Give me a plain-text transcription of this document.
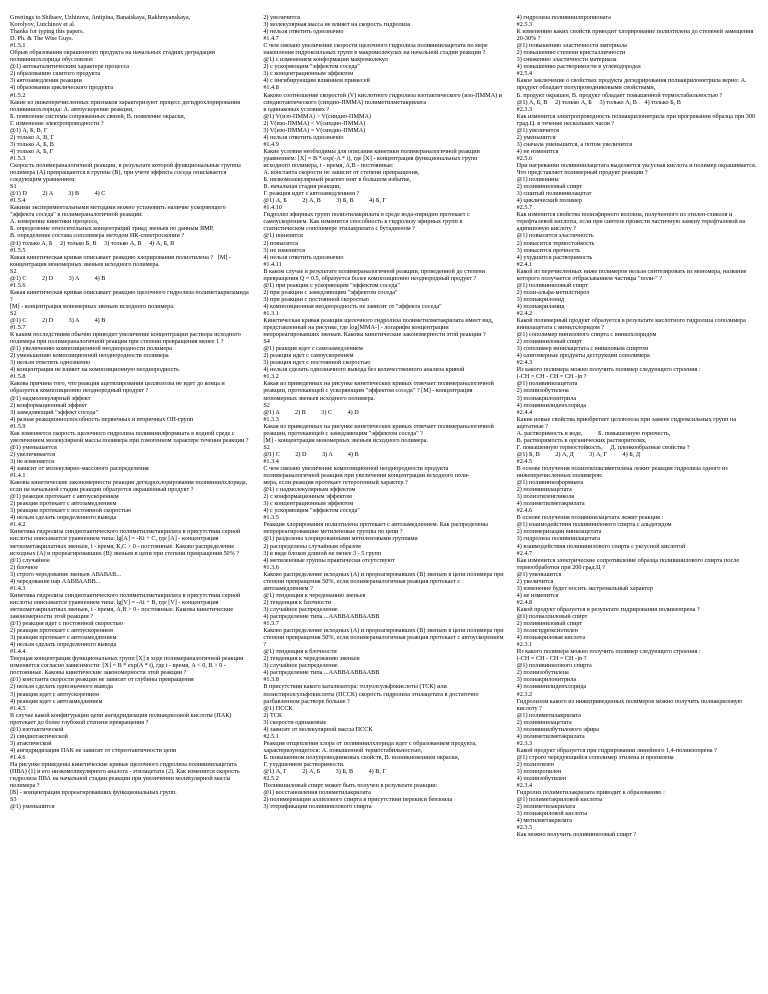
Greetings to Shibaev, Uzhinova, Antipina, Banatskaya, Rakhmyanskaya,
Korolyov, Lutchinov et al.
Thanks for typing this papers.
D. Ph. & The Wise Guys.
#1.5.1
Обрыв образования окрашенного продукта на начальных стадиях деградации поливинилхлорида обусловлен:
@1) автокаталитическим характере процесса
2) образованию сшитого продукта
3) автозамедлении реакции
4) образовании циклического продукта
#1.5.2
Какие из нижеперечисленных признаков характеризуют процесс дегидрохлорирования поливинилхлорида: А. автоускорение реакции,
Б. появление системы сопряженных связей, В. появление окраски,
Г. изменение электропроводности ?
@1) А, Б, В, Г
2) только А, В, Г
3) только А, Б, В
4) только А, Б, Г
#1.5.3
Скорость полимераналогичной реакции, в результате которой функциональные группы полимера (А) превращаются в группы (В), при учете эффекта соседа описывается следующим уравнением:
S1
@1) D          2) A          3) B          4) C
#1.5.4
Какими экспериментальными методами можно установить наличие ускоряющего "эффекта соседа" в полимераналогичной реакции:
А. измерение кинетики процесса,
Б. определение относительных концентраций триад звеньев по данным ЯМР,
В. определение состава сополимера методом ИК-спектроскопии ?
@1) только А, Б     2) только Б, В     3) только А, В     4) А, Б, В
#1.5.5
Какая кинетическая кривая описывает реакцию хлорирования полиэтилена ?   [M] - концентрация мономерных звеньев исходного полимера.
S2
@1) C          2) D          3) A          4) B
#1.5.6
Какая кинетическая кривая описывает реакцию щелочного гидролиза полиметакриламида ?
[M] - концентрация мономерных звеньев исходного полимера.
S2
@1) C          2) D          3) A          4) B
#1.5.7
К каким последствиям обычно приводит увеличение концентрации раствора исходного полимера при полимераналогичной реакции при степени превращения менее 1 ?
@1) увеличению композиционной неоднородности полимера
2) уменьшению композиционной неоднородности полимера
3) нельзя ответить однозначно
4) концентрация не влияет на композиционную неоднородность
#1.5.8
Какова причина того, что реакция ацетилирования целлюлозы не идет до конца и образуется композиционно неоднородный продукт ?
@1) надмолекулярный эффект
2) конформационный эффект
3) замедляющий "эффект соседа"
4) разная реакционноспособность первичных и вторичных ОН-групп
#1.5.9
Как изменяется скорость щелочного гидролиза поливинилформиата в водной среде с увеличением молекулярной массы полимера при гомогенном характере течения реакции ?
@1) уменьшается
2) увеличивается
3) не изменяется
4) зависит от молекулярно-массового распределения
#1.4.1
Каковы кинетические закономерности реакции дегидрохлорирования поливинилхлорида, если на начальной стадии реакции образуется окрашенный продукт ?
@1) реакция протекает с автоускорением
2) реакция протекает с автозамедлением
3) реакция протекает с постоянной скоростью
4) нельзя сделать определенного вывода
#1.4.2
Кинетика гидролиза синдиотактического полиметилметакрилата в присутствии серной кислоты описывается уравнением типа: lg[A] = -Kt + C, где [A] - концентрация метилметакрилатных звеньев, t - время, К,С > 0 - постоянные. Каково распределение исходных (А) и прореагировавших (В) звеньев в цепи при степени превращения 50% ?
@1) случайное
2) блочное
3) строго чередование звеньев АВАВАВ...
4) чередование пар ААВВААВВ...
#1.4.3
Кинетика гидролиза синдиотактического полиметилметакрилата в присутствии серной кислоты описывается уравнением типа: lg[V] = -At + B, где [V] - концентрация метилметакрилатных звеньев, t - время, А,В > 0 - постоянные. Каковы кинетические закономерности этой реакции ?
@1) реакция идет с постоянной скоростью
2) реакция протекает с автоускорением
3) реакция протекает с автозамедлением
4) нельзя сделать определенного вывода
#1.4.4
Текущая концентрация функциональных групп [X] в ходе полимераналогичной реакции изменяется согласно зависимости: [X] = B * exp(A * t), где t - время, А < 0, В > 0 - постоянные. Каковы кинетические закономерности этой реакции ?
@1) константа скорости реакции не зависит от глубины превращения
2) нельзя сделать однозначного вывода
3) реакция идет с автоускорением
4) реакция идет с автозамедлением
#1.4.5
В случае какой конфигурации цепи ангидридизация полиакриловой кислоты (ПАК) протекает до более глубокой степени превращения ?
@1) изотактической
2) синдиотактической
3) атактической
4) ангидридизация ПАК не зависит от стереотактичности цепи
#1.4.6
На рисунке приведены кинетические кривые щелочного гидролиза поливинилацетата (ПВА) (1) и его низкомолекулярного аналога - этилацетата (2). Как изменится скорость гидролиза ПВА на начальной стадии реакции при увеличении молекулярной массы полимера ?
[В] - концентрация прореагировавших функциональных групп.
S3
@1) уменьшится
2) увеличится
3) молекулярная масса не влияет на скорость гидролиза
4) нельзя ответить однозначно
#1.4.7
С чем связано увеличение скорости щелочного гидролиза поливинилацетата по мере накопления гидроксильных групп в макромолекулах на начальной стадии реакции ?
@1) с изменением конформации макромолекул
2) с ускоряющим "эффектом соседа"
3) с концентрационным эффектом
4) с ингибирующим влиянием примесей
#1.4.8
Каково соотношение скоростей (V) кислотного гидролиза изотактического (изо-ПММА) и синдиотактического (синдио-ПММА) полиметилметакрилата
в одинаковых условиях ?
@1) V(изо-ПММА) > V(синдио-ПММА)
2) V(изо-ПММА) < V(синдио-ПММА)
3) V(изо-ПММА) = V(синдио-ПММА)
4) нельзя ответить однозначно
#1.4.9
Какие условия необходимы для описания кинетики полимераналогичной реакции уравнением: [X] = B * exp(-A * t), где [X] - концентрация функциональных групп исходного полимера, t - время, А,В - постоянные:
А. константа скорости не зависит от степени превращения,
Б. низкомолекулярный реагент взят в большом избытке,
В. начальная стадия реакции,
Г. реакция идет с автозамедлением ?
@1) А, Б          2) А, В          3) Б, В          4) Б, Г
#1.4.10
Гидролиз эфирных групп полиэтилакрилата в среде вода-пиридин протекает с самоускорением. Как изменится способность к гидролизу эфирных групп в статистическом сополимере этилакрилата с бутадиеном ?
@1) понизится
2) повысится
3) не изменится
4) нельзя ответить однозначно
#1.4.11
В каком случае в результате полимераналогичной реакции, проведенной до степени превращения Q = 0.5, образуется более композиционно неоднородный продукт ?
@1) при реакции с ускоряющим "эффектом соседа"
2) при реакции с замедляющим "эффектом соседа"
3) при реакции с постоянной скоростью
4) композиционная неоднородность не зависит от "эффекта соседа"
#1.3.1
Кинетическая кривая реакции щелочного гидролиза полиметилметакрилата имеет вид, представленный на рисунке, где log[ММА-] - логарифм концентрации непрореагировавших звеньев. Каковы кинетические закономерности этой реакции ?
S4
@1) реакция идет с самозамедлением
2) реакция идет с самоускорением
3) реакция идет с постоянной скоростью
4) нельзя сделать однозначного вывода без количественного анализа кривой
#1.3.2
Какая из приведенных на рисунке кинетических кривых отвечает полимераналогичной реакции, протекающей с ускоряющим "эффектом соседа" ? [M] - концентрация мономерных звеньев исходного полимера.
S2
@1) A          2) B          3) C          4) D
#1.3.3
Какая из приведенных на рисунке кинетических кривых отвечает полимераналогичной реакции, протекающей с замедляющим "эффектом соседа" ?
[M] - концентрация мономерных звеньев исходного полимера.
S2
@1) C          2) D          3) A          4) B
#1.3.4
С чем связано увеличение композиционной неоднородности продукта полимераналогичной реакции при увеличении концентрации исходного поли-
мера, если реакция протекает гетерогенный характер ?
@1) с надмолекулярным эффектом
2) с конформационным эффектом
3) с концентрационным эффектом
4) с ускоряющим "эффектом соседа"
#1.3.5
Реакция хлорирования полиэтилена протекает с автозамедлением. Как распределены непрореагировавшие метиленовые группы по цепи ?
@1) разделены хлорированными метиленовыми группами
2) распределены случайным образом
3) в виде блоков длиной не менее 3 - 5 групп
4) метиленовые группы практически отсутствуют
#1.3.6
Каково распределение исходных (А) и прореагировавших (В) звеньев в цепи полимера при степени превращения 50%, если полимераналогичная реакция протекает с автозамедлением ?
@1) тенденция к чередованию звеньев
2) тенденция к блочности
3) случайное распределение
4) распределение типа ...ААВВААВВААВВ
#1.3.7
Каково распределение исходных (А) и прореагировавших (В) звеньев в цепи полимера при степени превращения 50%, если полимераналогичная реакция протекает с автоускорением ?
@1) тенденция к блочности
2) тенденция к чередованию звеньев
3) случайное распределение
4) распределение типа ...ААВВААВВААВВ
#1.3.8
В присутствии какого катализатора: толуолсульфокислоты (ТСК) или полистиролсульфокислоты (ПССК) скорость гидролиза этилацетата в достаточно разбавленном растворе больше ?
@1) ПССК
2) ТСК
3) скорости одинаковые
4) зависит от молекулярной массы ПССК
#2.5.1
Реакция отщепления хлора от поливинилхлорида идет с образованием продукта, характеризующегося: А. повышенной термостабильностью,
Б. повышенном полупроводниковых свойств, В. возникновением окраски,
Г. ухудшением растворимости.
@1) А, Г          2) А, Б          3) Б, В          4) В, Г
#2.5.2
Поливиниловый спирт может быть получен в результате реакции:
@1) восстановления полиметилакрилата
2) полимеризации аллилового спирта в присутствии перекиси бензоила
3) этерификации поливинилового спирта
4) гидролиза поливинилпропионата
#2.5.3
К изменению каких свойств приводит хлорирование полиэтилена до степеней замещения 20-30% ?
@1) повышению эластичности материала
2) повышению степени кристалличности
3) снижению эластичности материала
4) повышению растворимости в углеводородах
#2.5.4
Какое заключение о свойствах продукта дегидрирования полиакрилонитрила верно: А. продукт обладает полупроводниковыми свойствами,
Б. продукт окрашен, В. продукт обладает повышенной термостабильностью ?
@1) А, Б, В     2) только А, Б     3) только А, В     4) только Б, В
#2.3.3
Как изменится электропроводность полиакрилонитрила при прогревании образца при 300 град.Ц. в течение нескольких часов ?
@1) увеличится
2) уменьшится
3) сначала уменьшится, а потом увеличится
4) не изменится
#2.5.6
При нагревании поливинилацетата выделяется уксусная кислота и полимер окрашивается. Что представляет полимерный продукт реакции ?
@1) полиенины
2) поливиниловый спирт
3) сшитый поливинилацетат
4) циклический полимер
#2.5.7
Как изменится свойства полиэфирного волокна, полученного из этилен-гликоля и терефталевой кислоты, если при синтезе провести частичную замену терефталевой на адипиновую кислоту ?
@1) повысится эластичность
2) повысится термостойкость
3) повысится прочность
4) ухудшится растворимость
#2.4.1
Какой из перечисленных ниже полимеров нельзя синтезировать из мономера, название которого получается отбрасыванием частицы "поли-" ?
@1) поливиниловый спирт
2) поли-альфа-метилстирол
3) полиакрилонид
4) полиакриламид
#2.4.2
Какой полимерный продукт образуется в результате кислотного гидролиза сополимера винилацетата с винилхлоридом ?
@1) сополимер винилового спирта с винилхлоридом
2) поливиниловый спирт
3) сополимер винилацетата с виниловым спиртом
4) олигомерные продукты деструкции сополимера
#2.4.3
Из какого полимера можно получить полимер следующего строения :
(-CH = CH - CH = CH -)n ?
@1) поливинилацетата
2) полиизобутилена
3) полиакрилонитрила
4) поливинилиденхлорида
#2.4.4
Какие новые свойства приобретает целлюлоза при замене гидроксильных групп на ацетатные ?
А. растворимость в воде,          Б. повышенную горючесть,
В. растворимость в органических растворителях,
Г. повышенную термостойкость,     Д. пленкообразные свойства ?
@1) Б, В          2) А, Д          3) А, Г          4) Б, Д
#2.4.5
В основе получения полиэтилоксиметилена лежит реакция гидролиза одного из нижеперечисленных полимеров:
@1) поливинилформиата
2) поливинилацетата
3) полиэтиленгликоля
4) полиметилметакрилата
#2.4.6
В основе получения поливинилацетата лежит реакция :
@1) взаимодействия поливинилового спирта с альдегидом
2) полимеризации винилацетата
3) гидролиза поливинилацетата
4) взаимодействия поливинилового спирта с уксусной кислотой
#2.4.7
Как изменится электрические сопротивление образца поливинилового спирта после термообработки при 200 град.Ц ?
@1) уменьшится
2) увеличится
3) изменение будет носить экстремальный характер
4) не изменится
#2.4.8
Какой продукт образуется в результате гидрирования полиизопрена ?
@1) полиаллиловый спирт
2) поливиниловый спирт
3) полигидроксиэтилен
4) полиакриловая кислота
#2.3.1
Из какого полимера можно получить полимер следующего строения :
(-CH = CH - CH = CH -)n ?
@1) поливинилового спирта
2) полиизобутилена
3) полиакрилонитрила
4) поливинилиденхлорида
#2.3.2
Гидролизом какого из нижеприведенных полимеров можно получить полиакриловую кислоту ?
@1) полиметилакрилата
2) поливинилацетата
3) поливинилбутилового эфира
4) полиметилметакрилата
#2.3.3
Какой продукт образуется при гидрировании линейного 1,4-полиизопрена ?
@1) строго чередующийся сополимер этилена и пропилена
2) полиэтилен
3) полипропилен
4) полиизобутилен
#2.3.4
Гидролиз полиметилакрилата приводит к образованию :
@1) полиметакриловой кислоты
2) полиметилакрилата
3) полиакриловой кислоты
4) метилметакрилата
#2.3.5
Как можно получить поливиниловый спирт ?
